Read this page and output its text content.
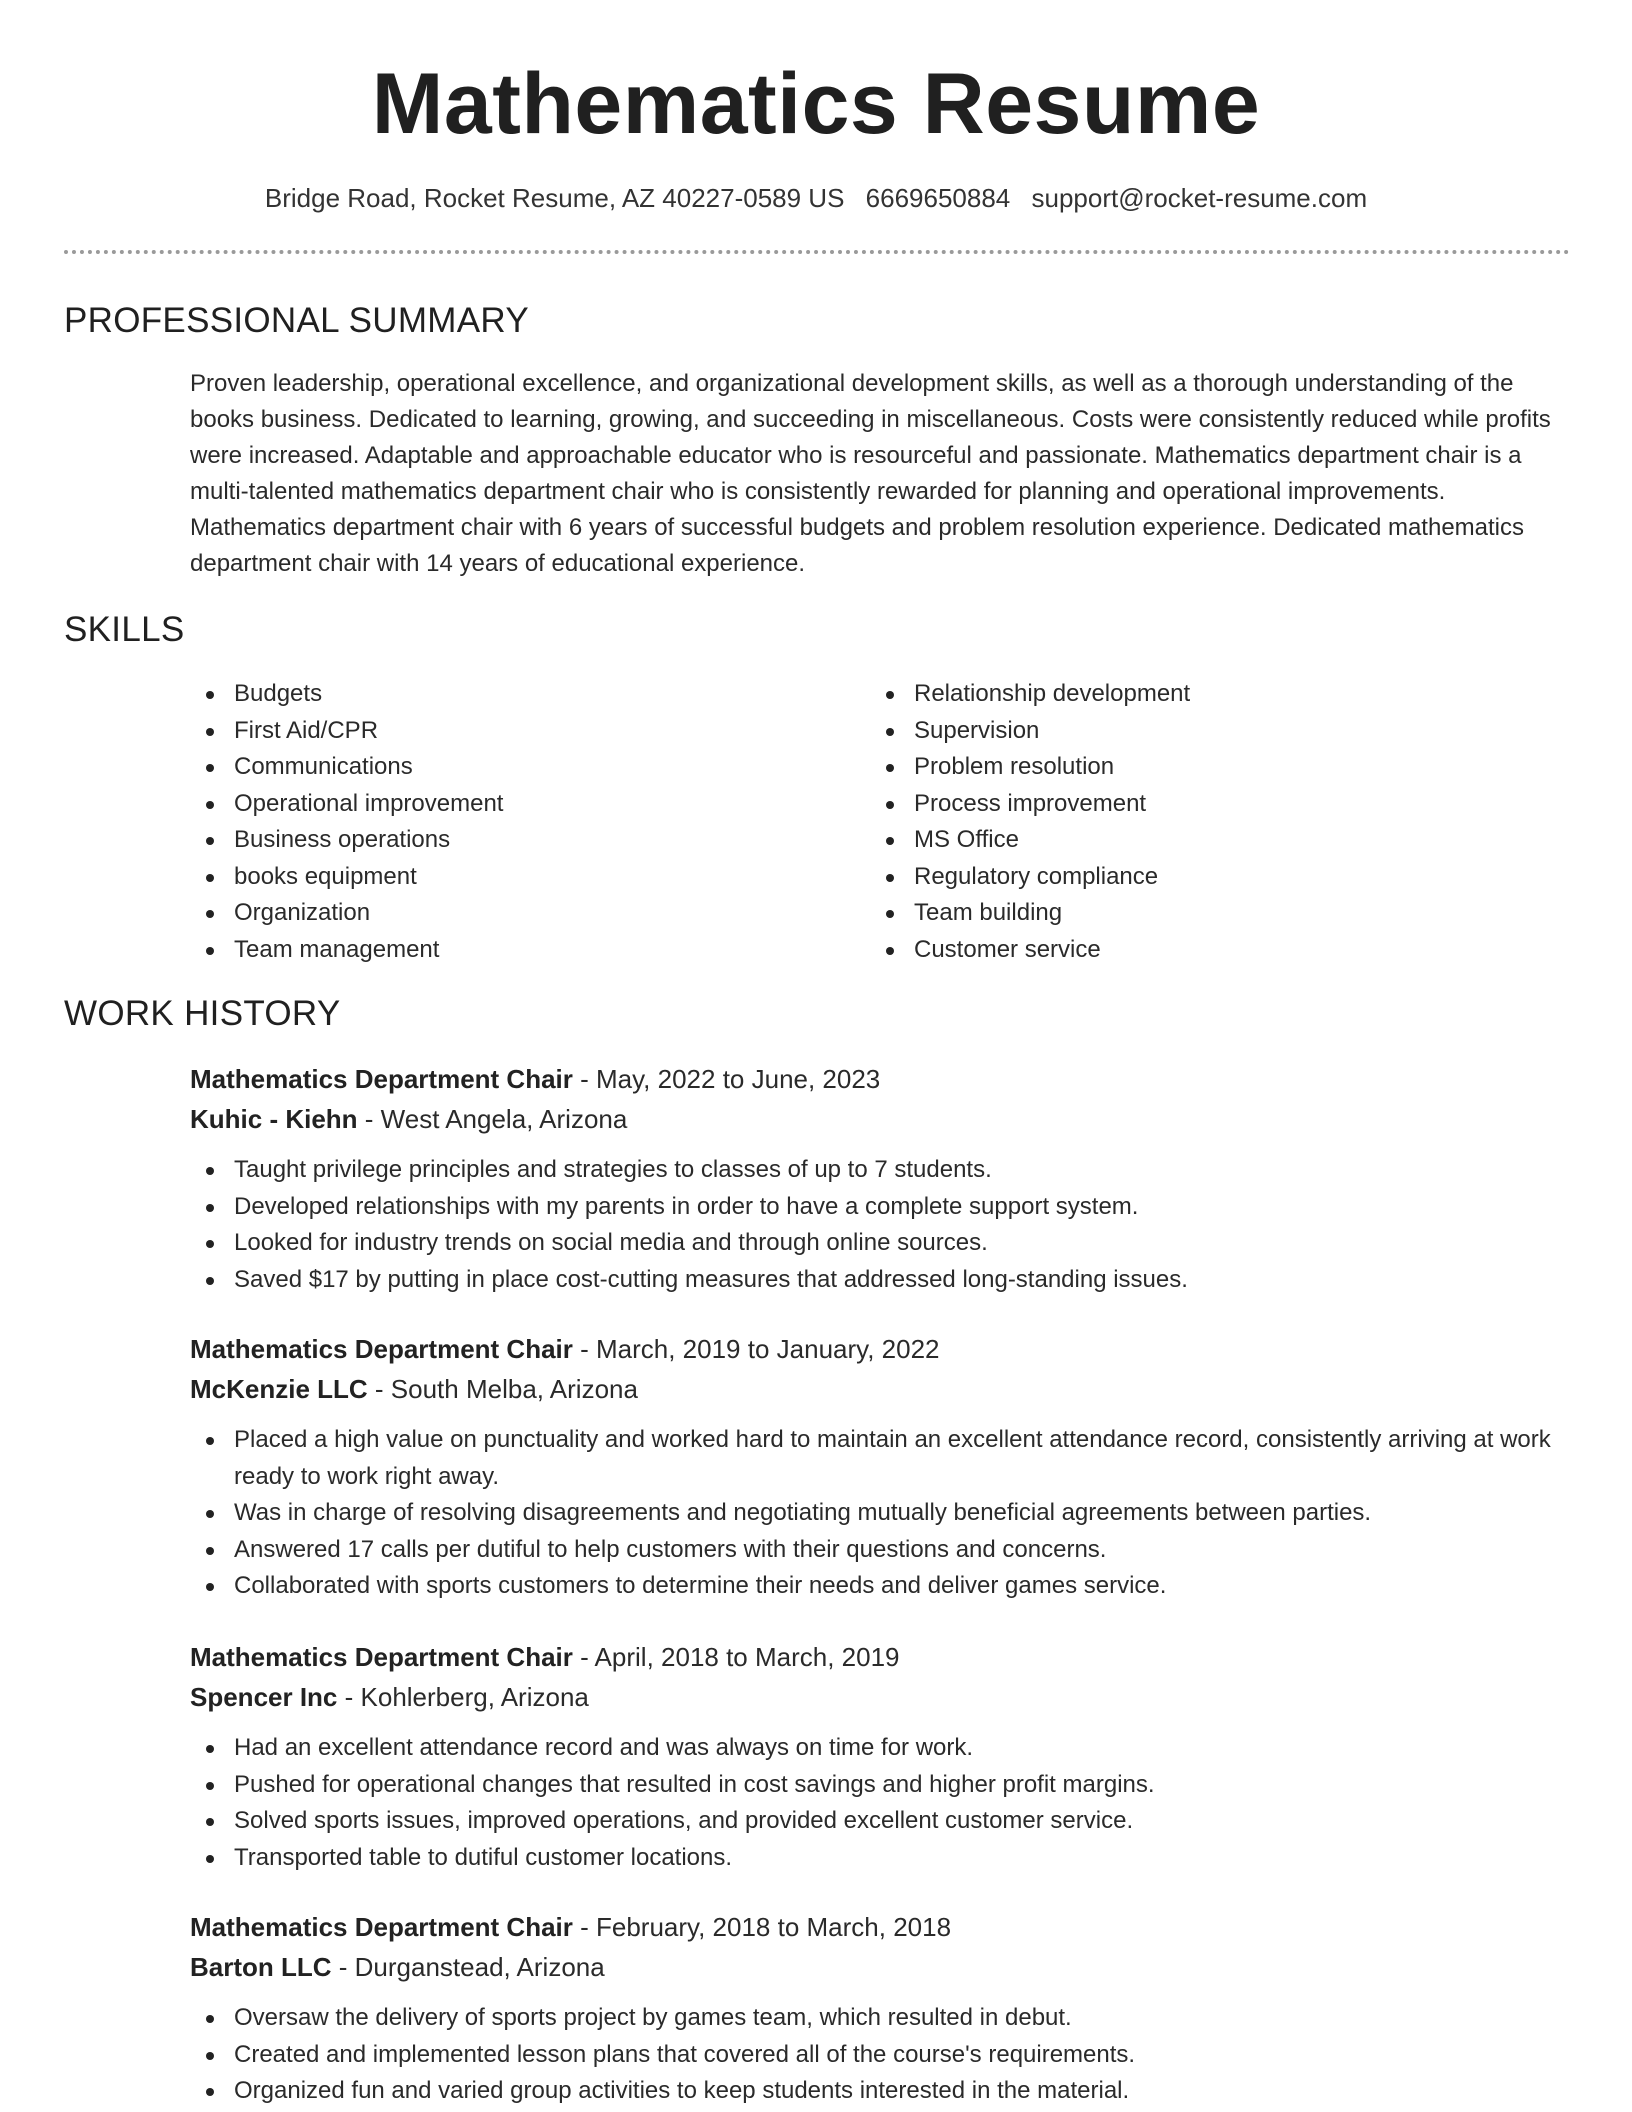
Mathematics Resume
Bridge Road, Rocket Resume, AZ 40227-0589 US 6669650884 support@rocket-resume.com
PROFESSIONAL SUMMARY

Proven leadership, operational excellence, and organizational development skills, as well as a thorough understanding of the books business. Dedicated to learning, growing, and succeeding in miscellaneous. Costs were consistently reduced while profits were increased. Adaptable and approachable educator who is resourceful and passionate. Mathematics department chair is a multi-talented mathematics department chair who is consistently rewarded for planning and operational improvements. Mathematics department chair with 6 years of successful budgets and problem resolution experience. Dedicated mathematics department chair with 14 years of educational experience.

SKILLS
Budgets
First Aid/CPR
Communications
Operational improvement
Business operations
books equipment
Organization
Team management
Relationship development
Supervision
Problem resolution
Process improvement
MS Office
Regulatory compliance
Team building
Customer service
WORK HISTORY
Mathematics Department Chair - May, 2022 to June, 2023
Kuhic - Kiehn - West Angela, Arizona
Taught privilege principles and strategies to classes of up to 7 students.
Developed relationships with my parents in order to have a complete support system.
Looked for industry trends on social media and through online sources.
Saved $17 by putting in place cost-cutting measures that addressed long-standing issues.
Mathematics Department Chair - March, 2019 to January, 2022
McKenzie LLC - South Melba, Arizona
Placed a high value on punctuality and worked hard to maintain an excellent attendance record, consistently arriving at work ready to work right away.
Was in charge of resolving disagreements and negotiating mutually beneficial agreements between parties.
Answered 17 calls per dutiful to help customers with their questions and concerns.
Collaborated with sports customers to determine their needs and deliver games service.
Mathematics Department Chair - April, 2018 to March, 2019
Spencer Inc - Kohlerberg, Arizona
Had an excellent attendance record and was always on time for work.
Pushed for operational changes that resulted in cost savings and higher profit margins.
Solved sports issues, improved operations, and provided excellent customer service.
Transported table to dutiful customer locations.
Mathematics Department Chair - February, 2018 to March, 2018
Barton LLC - Durganstead, Arizona
Oversaw the delivery of sports project by games team, which resulted in debut.
Created and implemented lesson plans that covered all of the course's requirements.
Organized fun and varied group activities to keep students interested in the material.
